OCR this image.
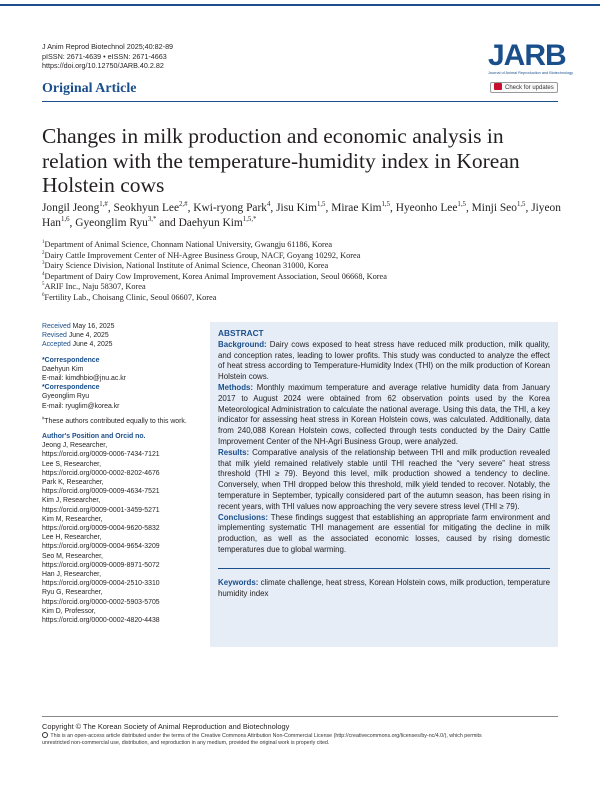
J Anim Reprod Biotechnol 2025;40:82-89
pISSN: 2671-4639 • eISSN: 2671-4663
https://doi.org/10.12750/JARB.40.2.82	JARB
Journal of Animal Reproduction and Biotechnology
Check for updates
Original Article
Changes in milk production and economic analysis in relation with the temperature-humidity index in Korean Holstein cows
Jongil Jeong$^{1,\#}$, Seokhyun Lee$^{2,\#}$, Kwi-ryong Park$^4$, Jisu Kim$^{1,5}$, Mirae Kim$^{1,5}$, Hyeonho Lee$^{1,5}$, Minji Seo$^{1,5}$, Jiyeon Han$^{1,6}$, Gyeonglim Ryu$^{3,*}$ and Daehyun Kim$^{1,5,*}$
$^1$Department of Animal Science, Chonnam National University, Gwangju 61186, Korea
$^2$Dairy Cattle Improvement Center of NH-Agree Business Group, NACF, Goyang 10292, Korea
$^3$Dairy Science Division, National Institute of Animal Science, Cheonan 31000, Korea
$^4$Department of Dairy Cow Improvement, Korea Animal Improvement Association, Seoul 06668, Korea
$^5$ARIF Inc., Naju 58307, Korea
$^6$Fertility Lab., Choisang Clinic, Seoul 06607, Korea
Received May 16, 2025
Revised June 4, 2025
Accepted June 4, 2025
*Correspondence
Daehyun Kim
E-mail: kimdhbio@jnu.ac.kr
*Correspondence
Gyeonglim Ryu
E-mail: ryuglim@korea.kr
#These authors contributed equally to this work.
Author's Position and Orcid no.
Jeong J, Researcher,
https://orcid.org/0009-0006-7434-7121
Lee S, Researcher,
https://orcid.org/0000-0002-8202-4676
Park K, Researcher,
https://orcid.org/0009-0009-4634-7521
Kim J, Researcher,
https://orcid.org/0009-0001-3459-5271
Kim M, Researcher,
https://orcid.org/0009-0004-9620-5832
Lee H, Researcher,
https://orcid.org/0009-0004-9654-3209
Seo M, Researcher,
https://orcid.org/0009-0009-8971-5072
Han J, Researcher,
https://orcid.org/0009-0004-2510-3310
Ryu G, Researcher,
https://orcid.org/0000-0002-5903-5705
Kim D, Professor,
https://orcid.org/0000-0002-4820-4438
ABSTRACT

Background: Dairy cows exposed to heat stress have reduced milk production, milk quality, and conception rates, leading to lower profits. This study was conducted to analyze the effect of heat stress according to Temperature-Humidity Index (THI) on the milk production of Korean Holstein cows.

Methods: Monthly maximum temperature and average relative humidity data from January 2017 to August 2024 were obtained from 62 observation points used by the Korea Meteorological Administration to calculate the national average. Using this data, the THI, a key indicator for assessing heat stress in Korean Holstein cows, was calculated. Additionally, data from 240,088 Korean Holstein cows, collected through tests conducted by the Dairy Cattle Improvement Center of the NH-Agri Business Group, were analyzed.

Results: Comparative analysis of the relationship between THI and milk production revealed that milk yield remained relatively stable until THI reached the “very severe” heat stress threshold (THI ≥ 79). Beyond this level, milk production showed a tendency to decline. Conversely, when THI dropped below this threshold, milk yield tended to recover. Notably, the temperature in September, typically considered part of the autumn season, has been rising in recent years, with THI values now approaching the very severe stress level (THI ≥ 79).

Conclusions: These findings suggest that establishing an appropriate farm environment and implementing systematic THI management are essential for mitigating the decline in milk production, as well as the associated economic losses, caused by rising domestic temperatures due to global warming.

Keywords: climate challenge, heat stress, Korean Holstein cows, milk production, temperature humidity index

Copyright © The Korean Society of Animal Reproduction and Biotechnology
This is an open-access article distributed under the terms of the Creative Commons Attribution Non-Commercial License (http://creativecommons.org/licenses/by-nc/4.0/), which permits
unrestricted non-commercial use, distribution, and reproduction in any medium, provided the original work is properly cited.
